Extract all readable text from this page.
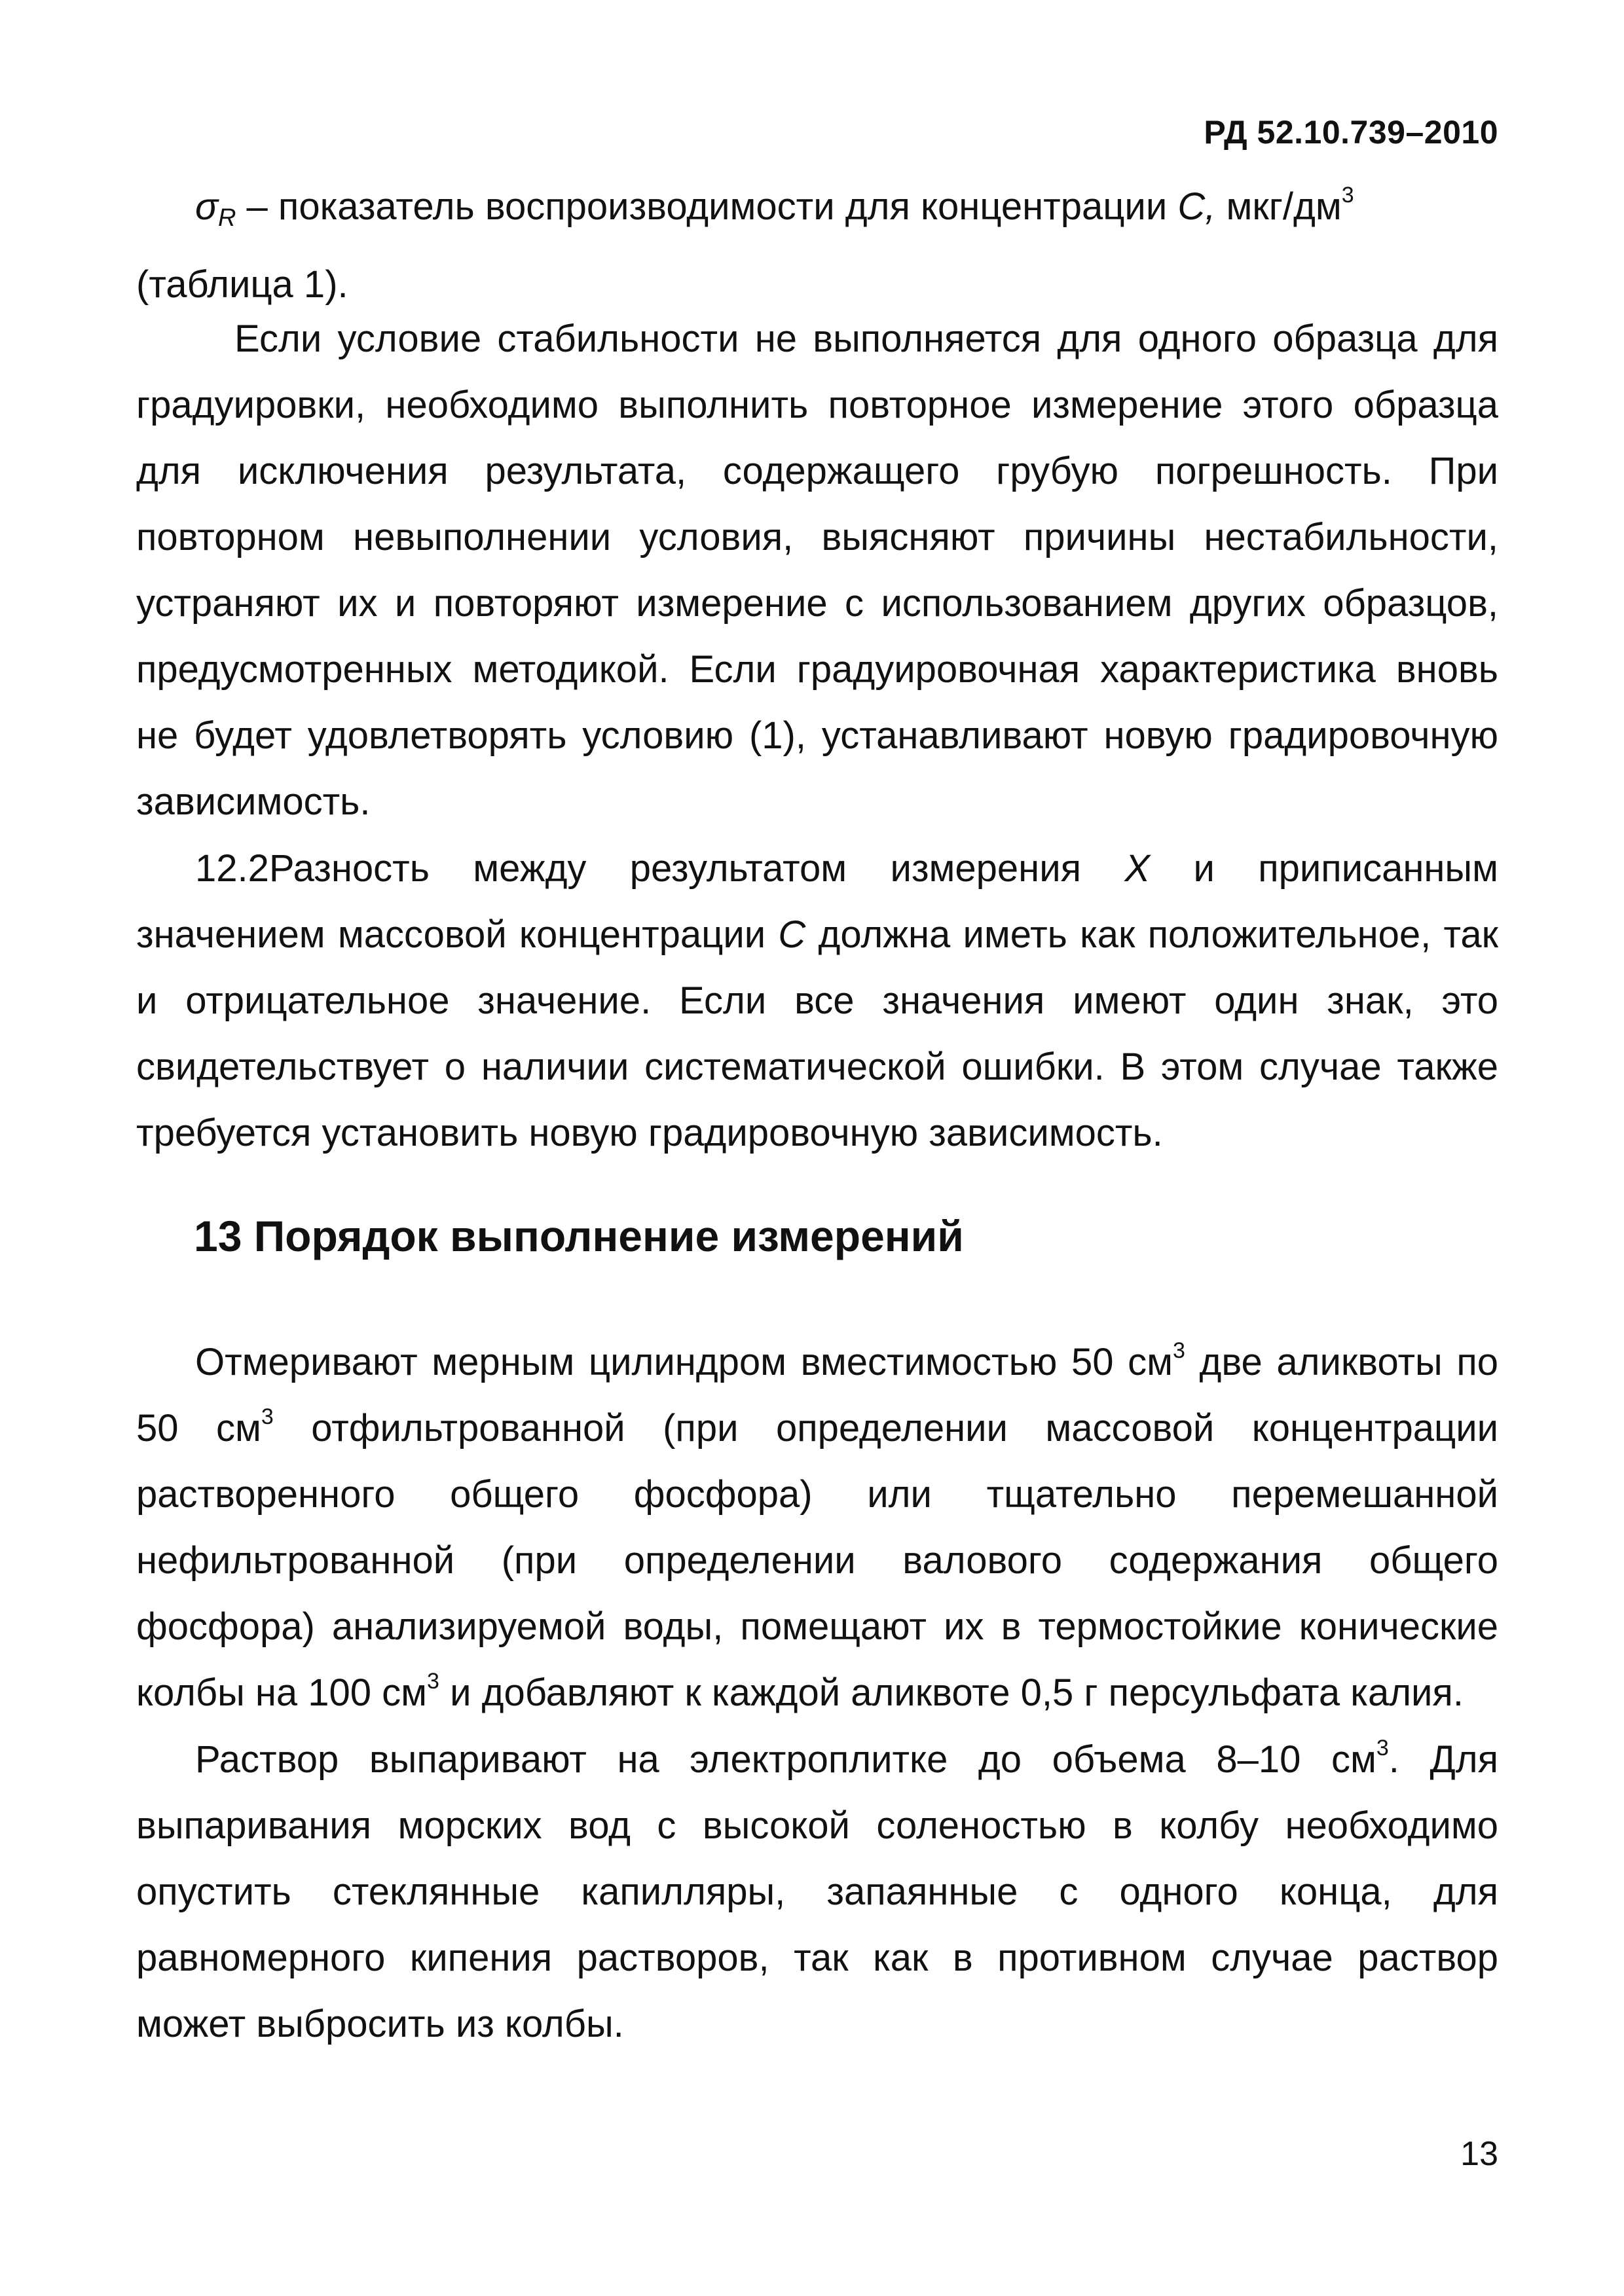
РД 52.10.739–2010

σR – показатель воспроизводимости для концентрации C, мкг/$дм^3$

(таблица 1).

Если условие стабильности не выполняется для одного образца для градуировки, необходимо выполнить повторное измерение этого образца для исключения результата, содержащего грубую погрешность. При повторном невыполнении условия, выясняют причины нестабильности, устраняют их и повторяют измерение с использованием других образцов, предусмотренных методикой. Если градуировочная характеристика вновь не будет удовлетворять условию (1), устанавливают новую градировочную зависимость.

12.2Разность между результатом измерения X и приписанным значением массовой концентрации C должна иметь как положительное, так и отрицательное значение. Если все значения имеют один знак, это свидетельствует о наличии систематической ошибки. В этом случае также требуется установить новую градировочную зависимость.

13 Порядок выполнение измерений

Отмеривают мерным цилиндром вместимостью 50 $см^3$ две аликвоты по 50 $см^3$ отфильтрованной (при определении массовой концентрации растворенного общего фосфора) или тщательно перемешанной нефильтрованной (при определении валового содержания общего фосфора) анализируемой воды, помещают их в термостойкие конические колбы на 100 $см^3$ и добавляют к каждой аликвоте 0,5 г персульфата калия.

Раствор выпаривают на электроплитке до объема 8–10 $см^3$. Для выпаривания морских вод с высокой соленостью в колбу необходимо опустить стеклянные капилляры, запаянные с одного конца, для равномерного кипения растворов, так как в противном случае раствор может выбросить из колбы.

13
